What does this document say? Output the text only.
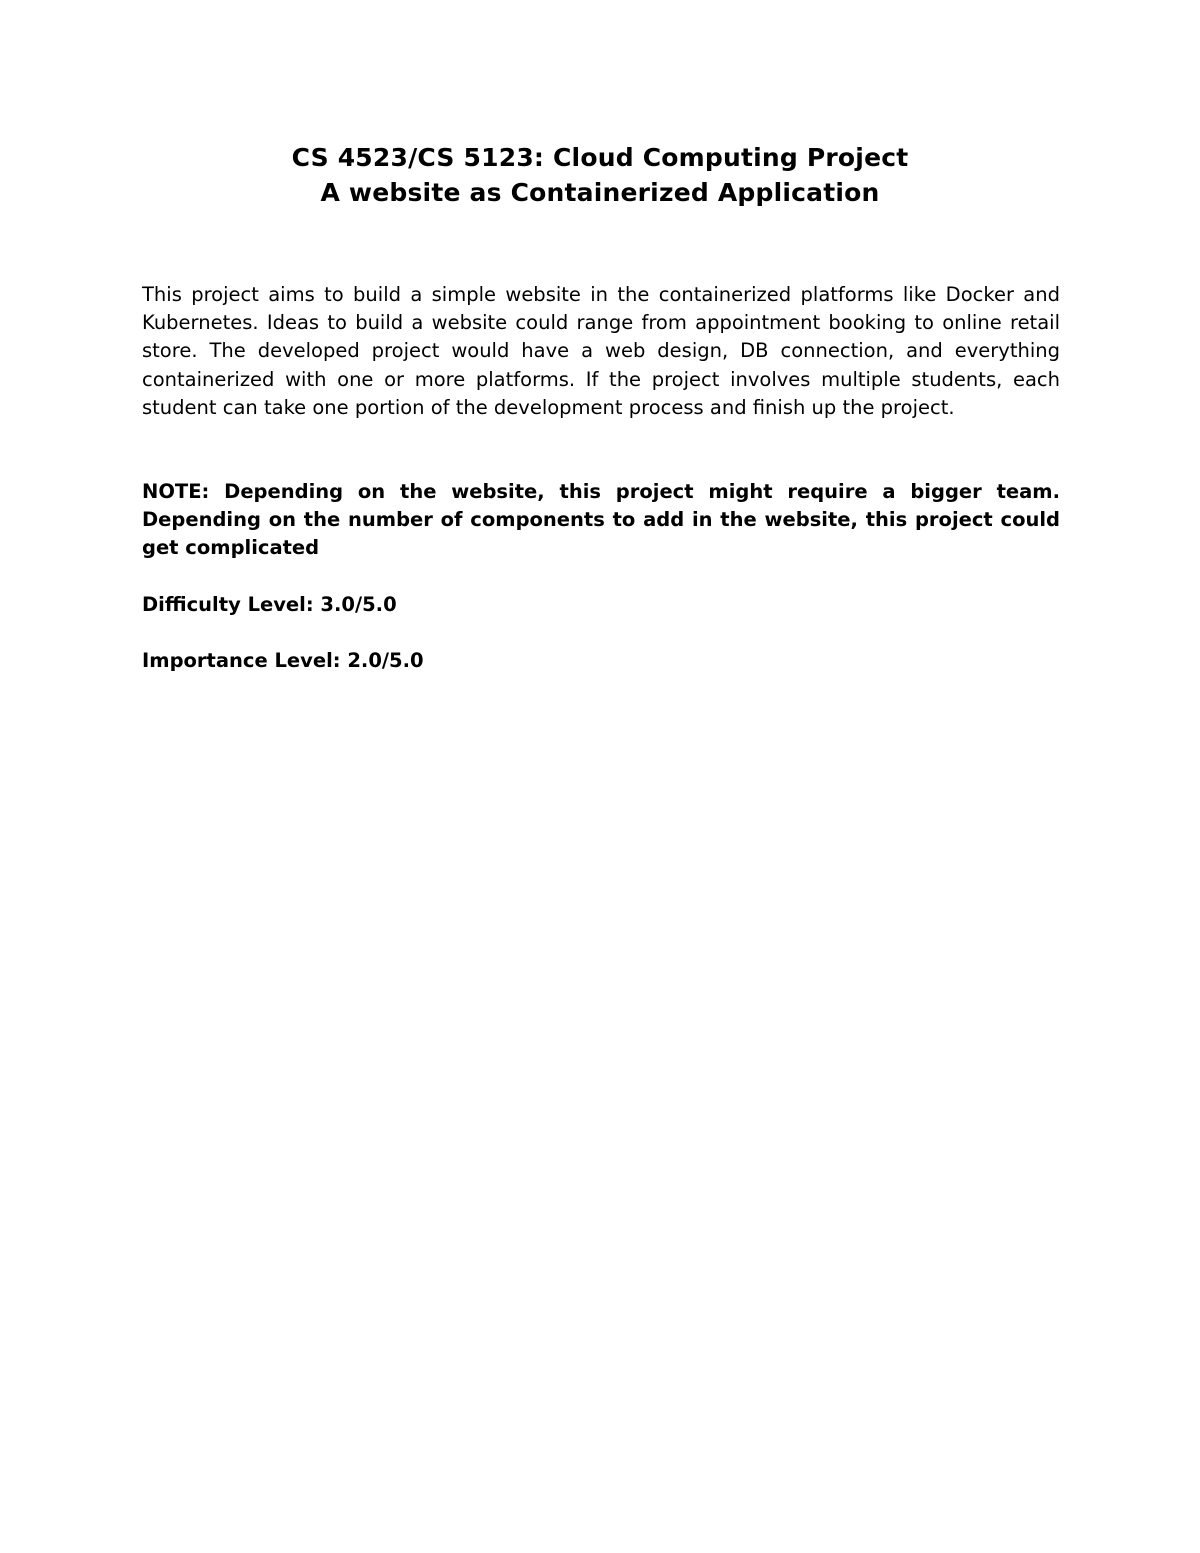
CS 4523/CS 5123: Cloud Computing Project
A website as Containerized Application

This project aims to build a simple website in the containerized platforms like Docker and Kubernetes. Ideas to build a website could range from appointment booking to online retail store. The developed project would have a web design, DB connection, and everything containerized with one or more platforms. If the project involves multiple students, each student can take one portion of the development process and finish up the project.

NOTE: Depending on the website, this project might require a bigger team. Depending on the number of components to add in the website, this project could get complicated

Difficulty Level: 3.0/5.0

Importance Level: 2.0/5.0
